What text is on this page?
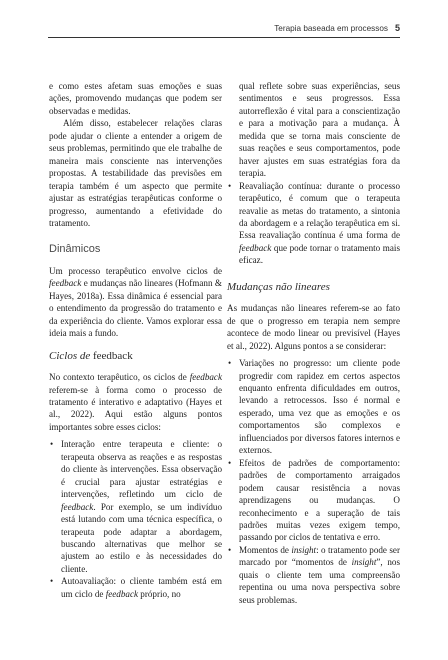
Terapia baseada em processos 5

e como estes afetam suas emoções e suas ações, promovendo mudanças que podem ser observadas e medidas.

Além disso, estabelecer relações claras pode ajudar o cliente a entender a origem de seus problemas, permitindo que ele trabalhe de maneira mais consciente nas intervenções propostas. A testabilidade das previsões em terapia também é um aspecto que permite ajustar as estratégias terapêuticas conforme o progresso, aumentando a efetividade do tratamento.

Dinâmicos

Um processo terapêutico envolve ciclos de feedback e mudanças não lineares (Hofmann & Hayes, 2018a). Essa dinâmica é essencial para o entendimento da progressão do tratamento e da experiência do cliente. Vamos explorar essa ideia mais a fundo.

Ciclos de feedback

No contexto terapêutico, os ciclos de feedback referem-se à forma como o processo de tratamento é interativo e adaptativo (Hayes et al., 2022). Aqui estão alguns pontos importantes sobre esses ciclos:

• Interação entre terapeuta e cliente: o terapeuta observa as reações e as respostas do cliente às intervenções. Essa observação é crucial para ajustar estratégias e intervenções, refletindo um ciclo de feedback. Por exemplo, se um indivíduo está lutando com uma técnica específica, o terapeuta pode adaptar a abordagem, buscando alternativas que melhor se ajustem ao estilo e às necessidades do cliente.
• Autoavaliação: o cliente também está em um ciclo de feedback próprio, no

qual reflete sobre suas experiências, seus sentimentos e seus progressos. Essa autorreflexão é vital para a conscientização e para a motivação para a mudança. À medida que se torna mais consciente de suas reações e seus comportamentos, pode haver ajustes em suas estratégias fora da terapia.

• Reavaliação contínua: durante o processo terapêutico, é comum que o terapeuta reavalie as metas do tratamento, a sintonia da abordagem e a relação terapêutica em si. Essa reavaliação contínua é uma forma de feedback que pode tornar o tratamento mais eficaz.
Mudanças não lineares

As mudanças não lineares referem-se ao fato de que o progresso em terapia nem sempre acontece de modo linear ou previsível (Hayes et al., 2022). Alguns pontos a se considerar:

• Variações no progresso: um cliente pode progredir com rapidez em certos aspectos enquanto enfrenta dificuldades em outros, levando a retrocessos. Isso é normal e esperado, uma vez que as emoções e os comportamentos são complexos e influenciados por diversos fatores internos e externos.
• Efeitos de padrões de comportamento: padrões de comportamento arraigados podem causar resistência a novas aprendizagens ou mudanças. O reconhecimento e a superação de tais padrões muitas vezes exigem tempo, passando por ciclos de tentativa e erro.
• Momentos de insight: o tratamento pode ser marcado por “momentos de insight”, nos quais o cliente tem uma compreensão repentina ou uma nova perspectiva sobre seus problemas.
